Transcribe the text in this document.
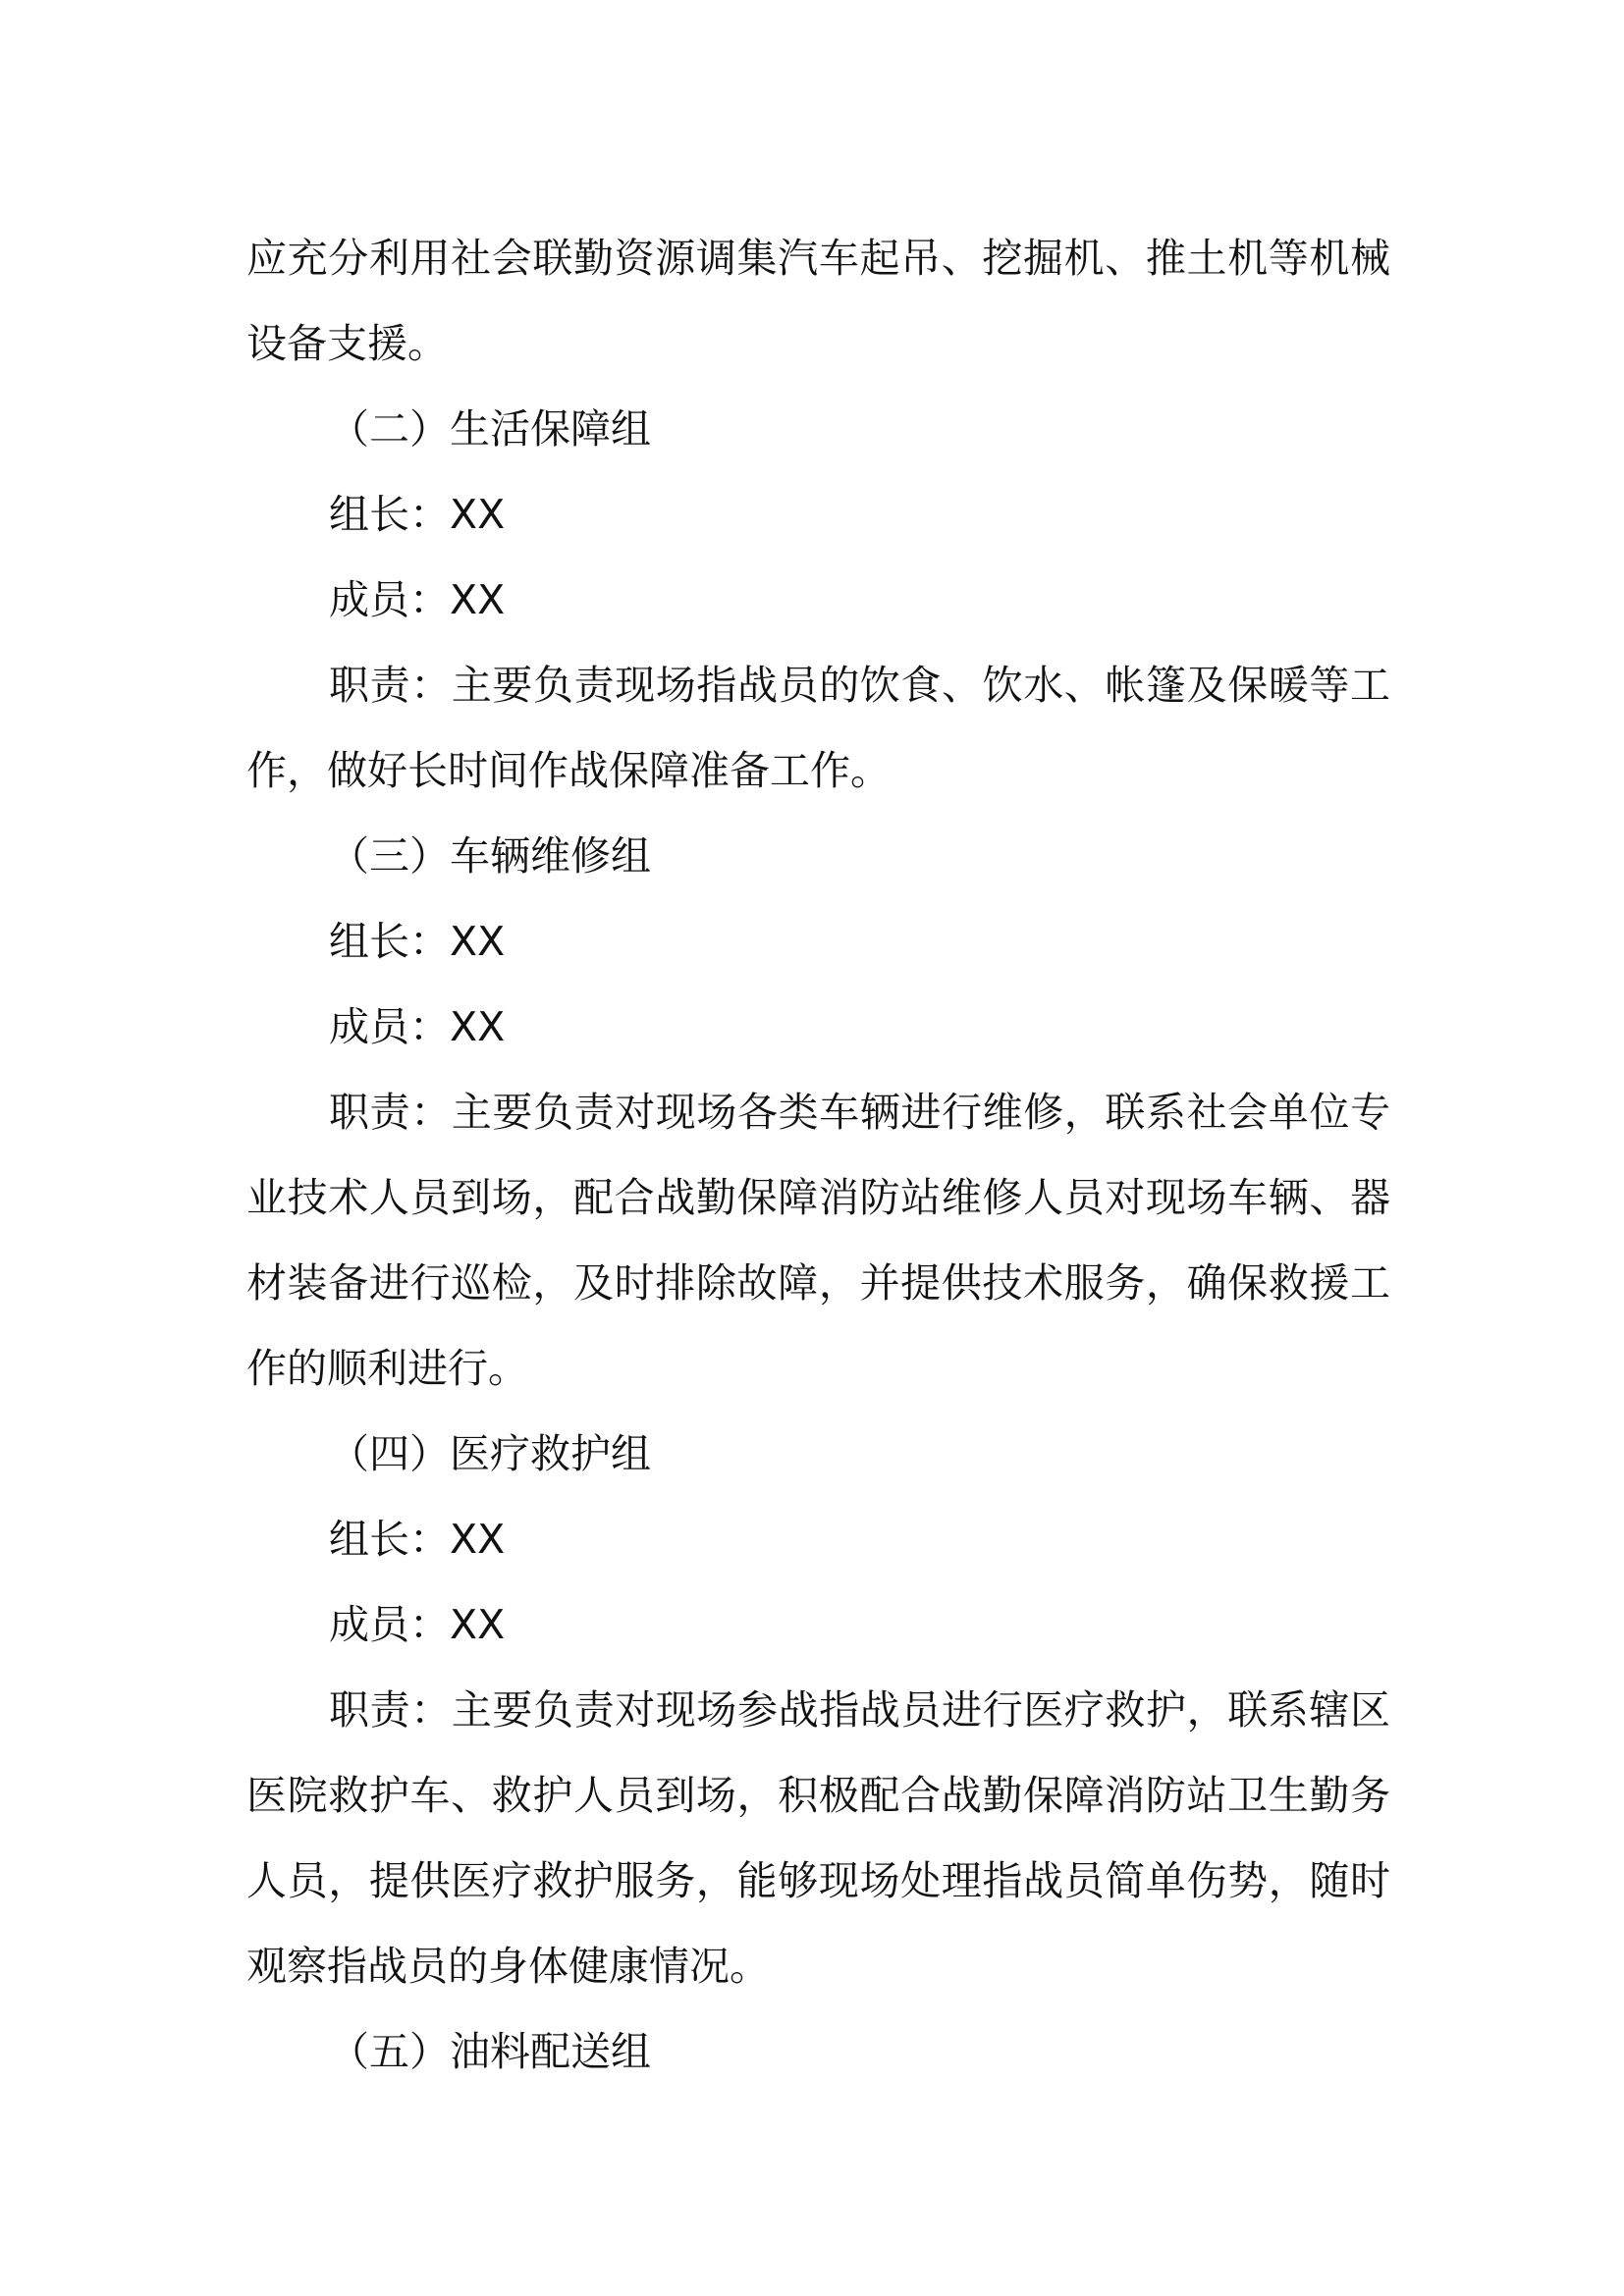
应充分利用社会联勤资源调集汽车起吊、挖掘机、推土机等机械
设备支援。
（二）生活保障组
组长：XX
成员：XX
职责：主要负责现场指战员的饮食、饮水、帐篷及保暖等工
作，做好长时间作战保障准备工作。
（三）车辆维修组
组长：XX
成员：XX
职责：主要负责对现场各类车辆进行维修，联系社会单位专
业技术人员到场，配合战勤保障消防站维修人员对现场车辆、器
材装备进行巡检，及时排除故障，并提供技术服务，确保救援工
作的顺利进行。
（四）医疗救护组
组长：XX
成员：XX
职责：主要负责对现场参战指战员进行医疗救护，联系辖区
医院救护车、救护人员到场，积极配合战勤保障消防站卫生勤务
人员，提供医疗救护服务，能够现场处理指战员简单伤势，随时
观察指战员的身体健康情况。
（五）油料配送组
